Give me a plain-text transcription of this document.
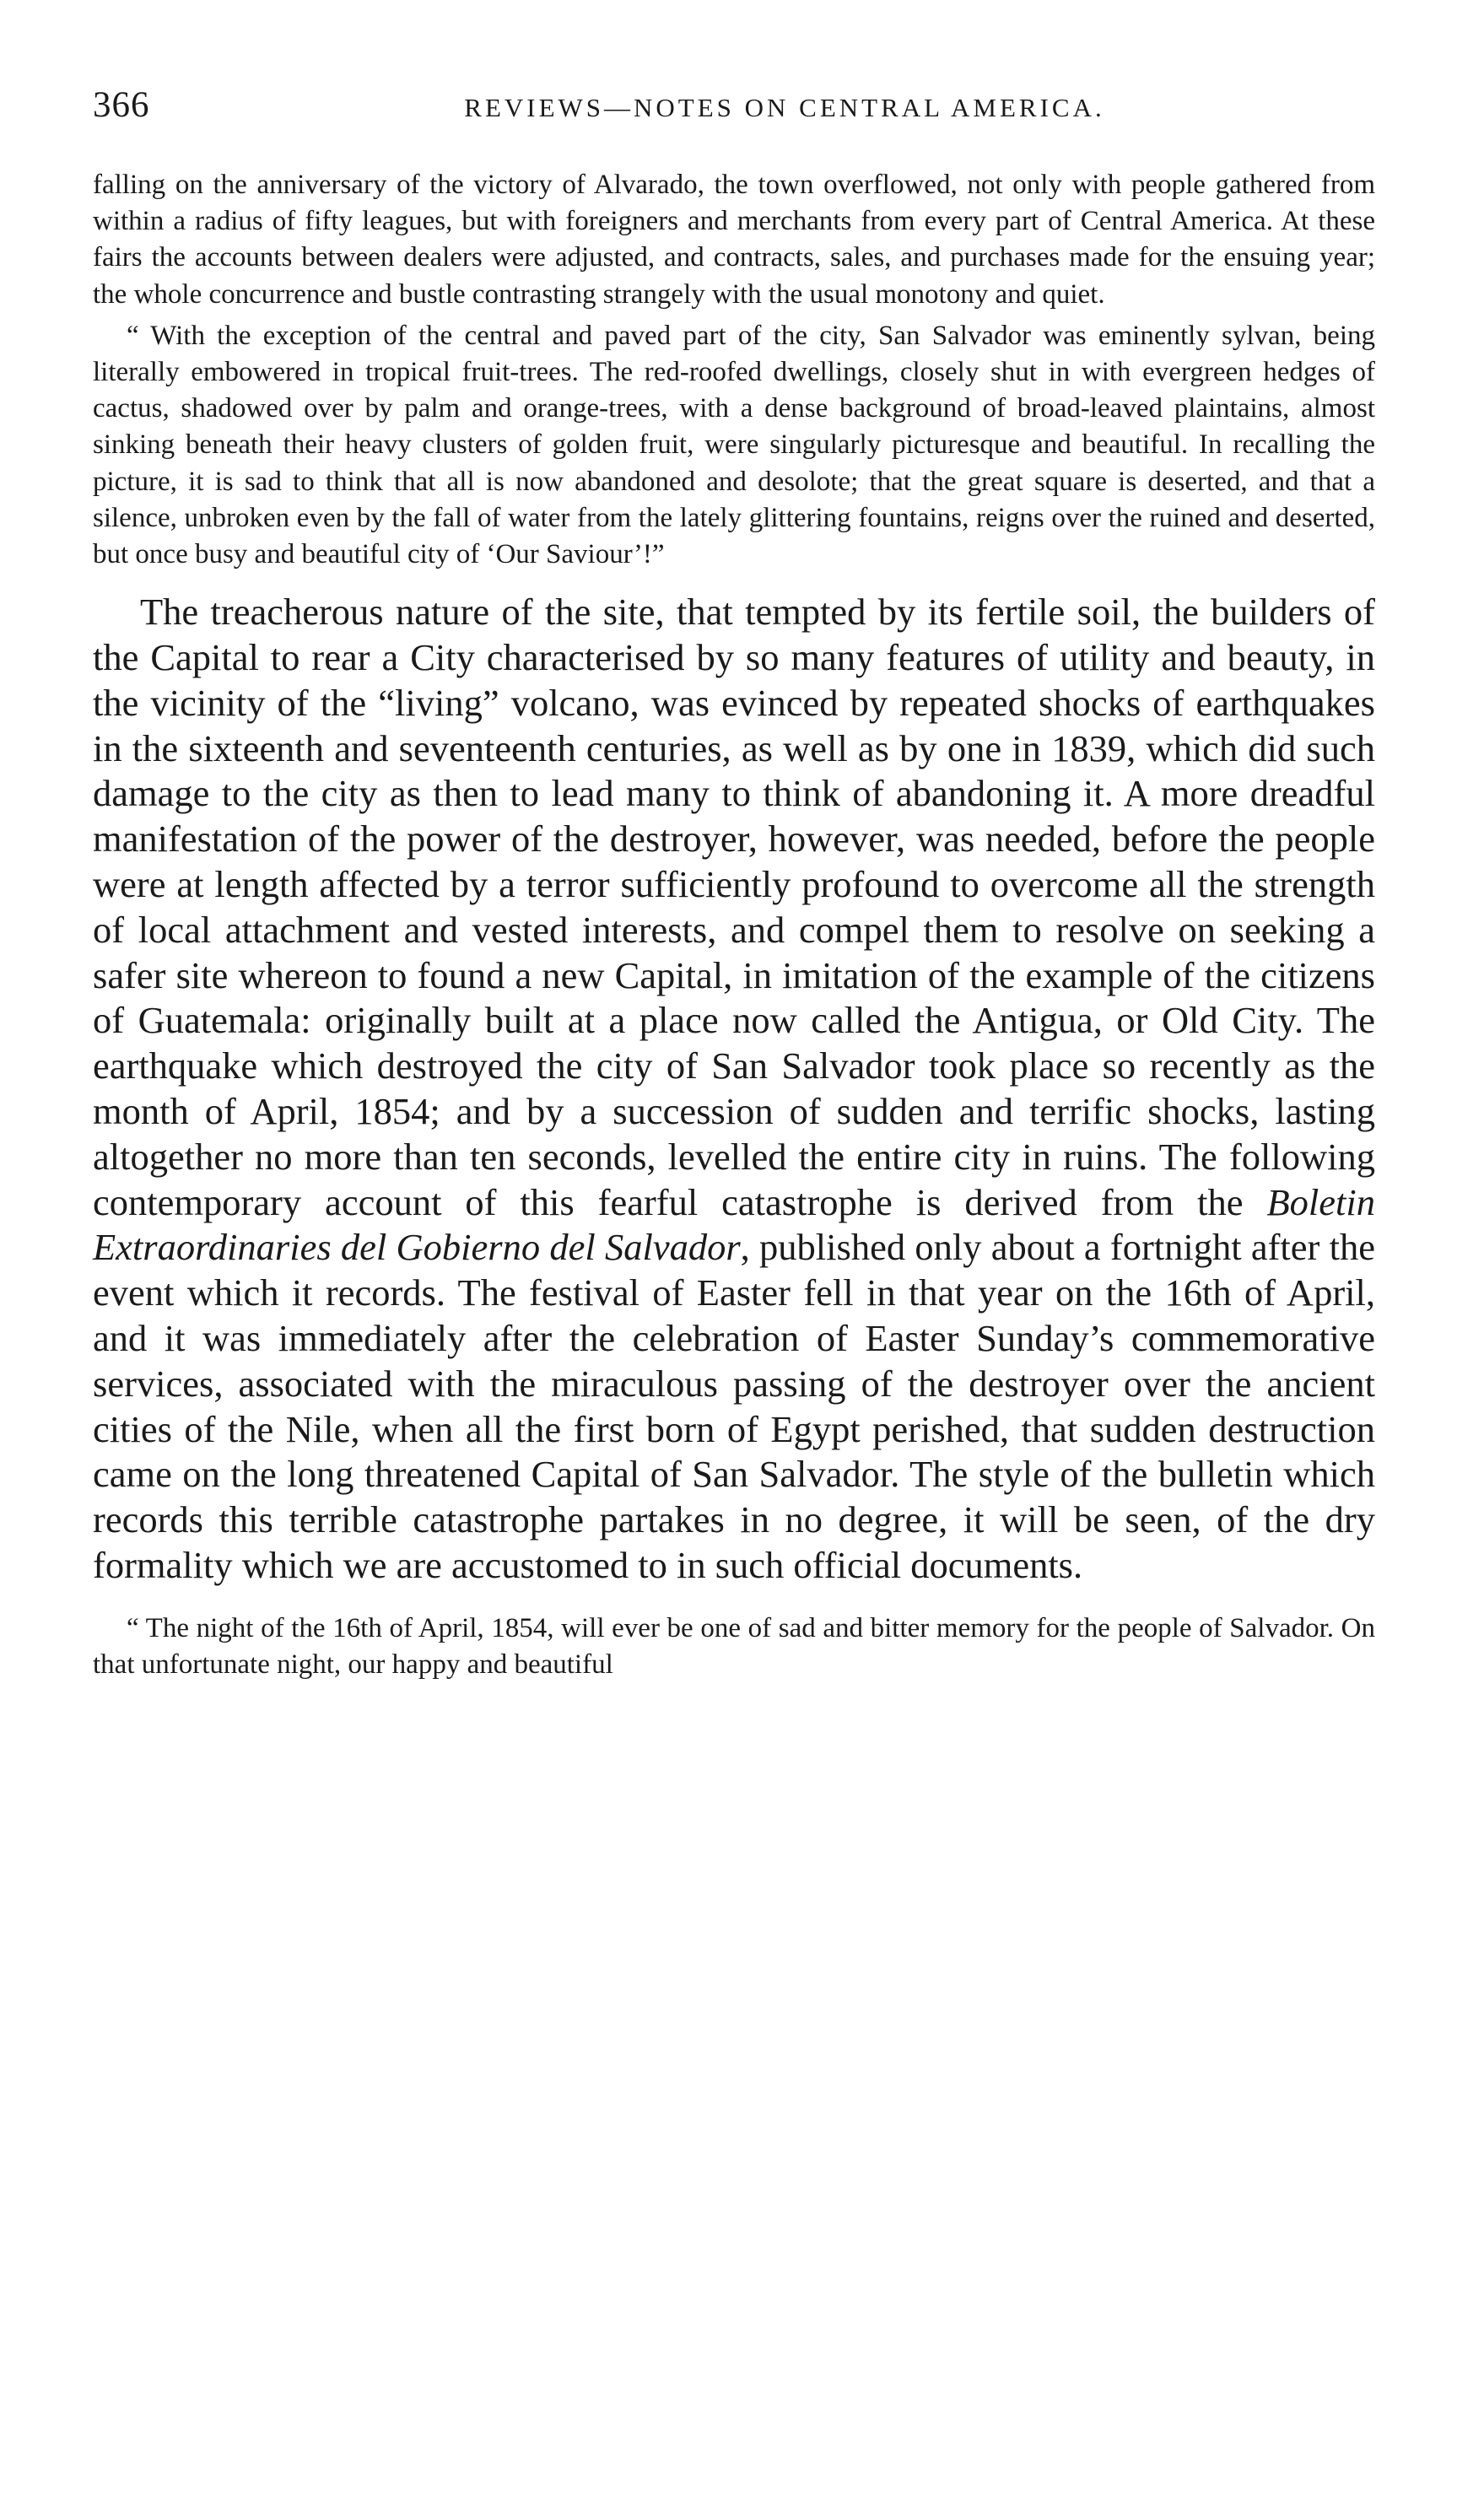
366	REVIEWS—NOTES ON CENTRAL AMERICA.

falling on the anniversary of the victory of Alvarado, the town overflowed, not only with people gathered from within a radius of fifty leagues, but with foreigners and merchants from every part of Central America. At these fairs the accounts between dealers were adjusted, and contracts, sales, and purchases made for the ensuing year; the whole concurrence and bustle contrasting strangely with the usual monotony and quiet.

“ With the exception of the central and paved part of the city, San Salvador was eminently sylvan, being literally embowered in tropical fruit-trees. The red-roofed dwellings, closely shut in with evergreen hedges of cactus, shadowed over by palm and orange-trees, with a dense background of broad-leaved plaintains, almost sinking beneath their heavy clusters of golden fruit, were singularly picturesque and beautiful. In recalling the picture, it is sad to think that all is now abandoned and desolote; that the great square is deserted, and that a silence, unbroken even by the fall of water from the lately glittering fountains, reigns over the ruined and deserted, but once busy and beautiful city of ‘Our Saviour’!”

The treacherous nature of the site, that tempted by its fertile soil, the builders of the Capital to rear a City characterised by so many features of utility and beauty, in the vicinity of the “living” volcano, was evinced by repeated shocks of earthquakes in the sixteenth and seventeenth centuries, as well as by one in 1839, which did such damage to the city as then to lead many to think of abandoning it. A more dreadful manifestation of the power of the destroyer, however, was needed, before the people were at length affected by a terror sufficiently profound to overcome all the strength of local attachment and vested interests, and compel them to resolve on seeking a safer site whereon to found a new Capital, in imitation of the example of the citizens of Guatemala: originally built at a place now called the Antigua, or Old City. The earthquake which destroyed the city of San Salvador took place so recently as the month of April, 1854; and by a succession of sudden and terrific shocks, lasting altogether no more than ten seconds, levelled the entire city in ruins. The following contemporary account of this fearful catastrophe is derived from the Boletin Extraordinaries del Gobierno del Salvador, published only about a fortnight after the event which it records. The festival of Easter fell in that year on the 16th of April, and it was immediately after the celebration of Easter Sunday’s commemorative services, associated with the miraculous passing of the destroyer over the ancient cities of the Nile, when all the first born of Egypt perished, that sudden destruction came on the long threatened Capital of San Salvador. The style of the bulletin which records this terrible catastrophe partakes in no degree, it will be seen, of the dry formality which we are accustomed to in such official documents.

“ The night of the 16th of April, 1854, will ever be one of sad and bitter memory for the people of Salvador. On that unfortunate night, our happy and beautiful
